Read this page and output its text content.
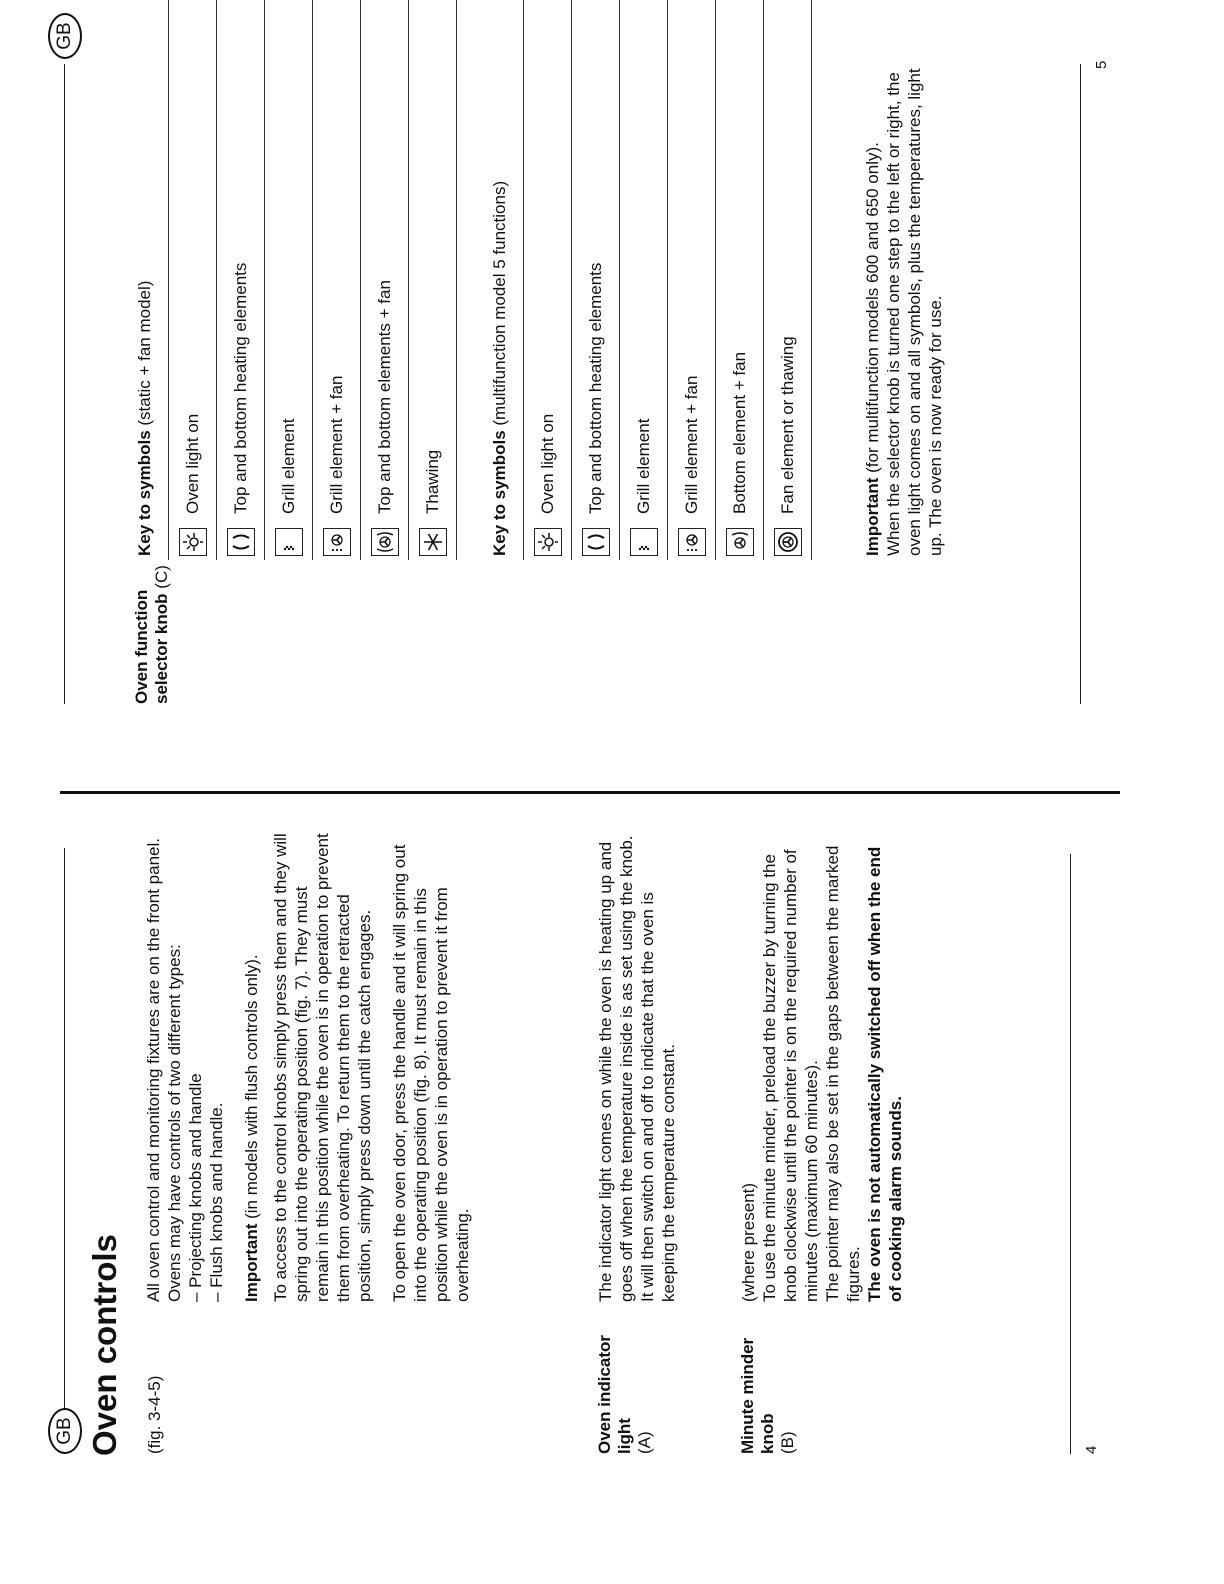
GB Oven controls (fig. 3-4-5)

All oven control and monitoring fixtures are on the front panel. Ovens may have controls of two different types: – Projecting knobs and handle – Flush knobs and handle. Important (in models with flush controls only). To access to the control knobs simply press them and they will spring out into the operating position (fig. 7). They must remain in this position while the oven is in operation to prevent them from overheating. To return them to the retracted position, simply press down until the catch engages. To open the oven door, press the handle and it will spring out into the operating position (fig. 8). It must remain in this position while the oven is in operation to prevent it from overheating.

Oven indicator light
(A)

The indicator light comes on while the oven is heating up and goes off when the temperature inside is as set using the knob. It will then switch on and off to indicate that the oven is keeping the temperature constant.

Minute minder knob
(B)

(where present) To use the minute minder, preload the buzzer by turning the knob clockwise until the pointer is on the required number of minutes (maximum 60 minutes). The pointer may also be set in the gaps between the marked figures. The oven is not automatically switched off when the end of cooking alarm sounds.

4
GB
Oven function
selector knob (C)
Key to symbols (static + fan model)
Oven light on Top and bottom heating elements Grill element Grill element + fan Top and bottom elements + fan Thawing	Key to symbols (multifunction model 5 functions)
Oven light on Top and bottom heating elements Grill element Grill element + fan Bottom element + fan Fan element or thawing

Important (for multifunction models 600 and 650 only). When the selector knob is turned one step to the left or right, the oven light comes on and all symbols, plus the temperatures, light up. The oven is now ready for use.

5
